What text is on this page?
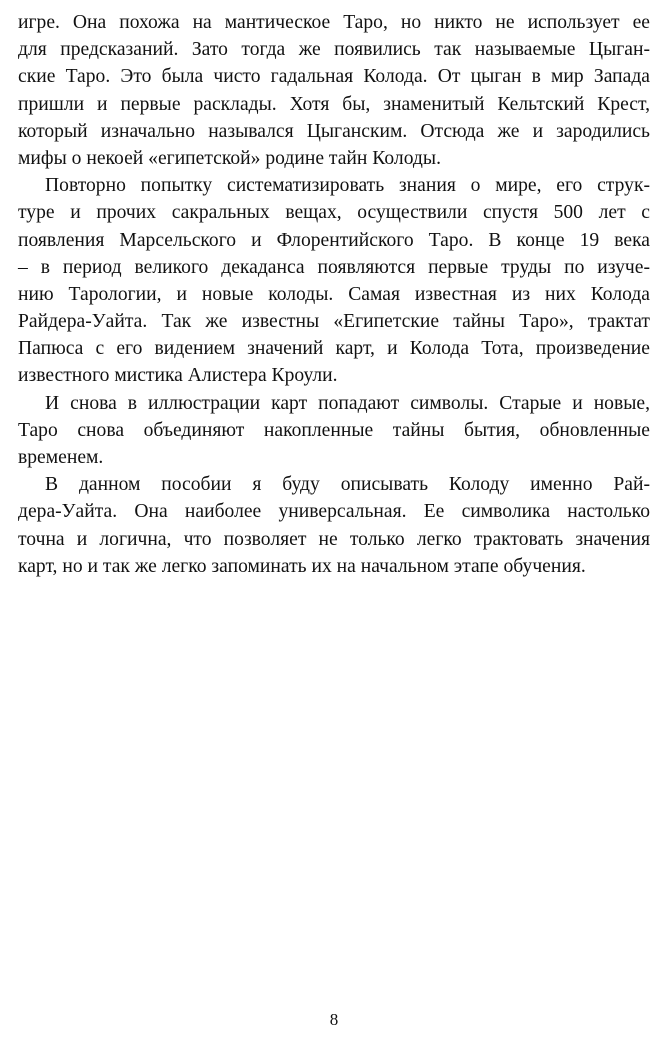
игре. Она похожа на мантическое Таро, но никто не использует ее
для предсказаний. Зато тогда же появились так называемые Цыган-
ские Таро. Это была чисто гадальная Колода. От цыган в мир Запада
пришли и первые расклады. Хотя бы, знаменитый Кельтский Крест,
который изначально назывался Цыганским. Отсюда же и зародились
мифы о некоей «египетской» родине тайн Колоды.
Повторно попытку систематизировать знания о мире, его струк-
туре и прочих сакральных вещах, осуществили спустя 500 лет с
появления Марсельского и Флорентийского Таро. В конце 19 века
– в период великого декаданса появляются первые труды по изуче-
нию Тарологии, и новые колоды. Самая известная из них Колода
Райдера-Уайта. Так же известны «Египетские тайны Таро», трактат
Папюса с его видением значений карт, и Колода Тота, произведение
известного мистика Алистера Кроули.
И снова в иллюстрации карт попадают символы. Старые и новые,
Таро снова объединяют накопленные тайны бытия, обновленные
временем.
В данном пособии я буду описывать Колоду именно Рай-
дера-Уайта. Она наиболее универсальная. Ее символика настолько
точна и логична, что позволяет не только легко трактовать значения
карт, но и так же легко запоминать их на начальном этапе обучения.
8
